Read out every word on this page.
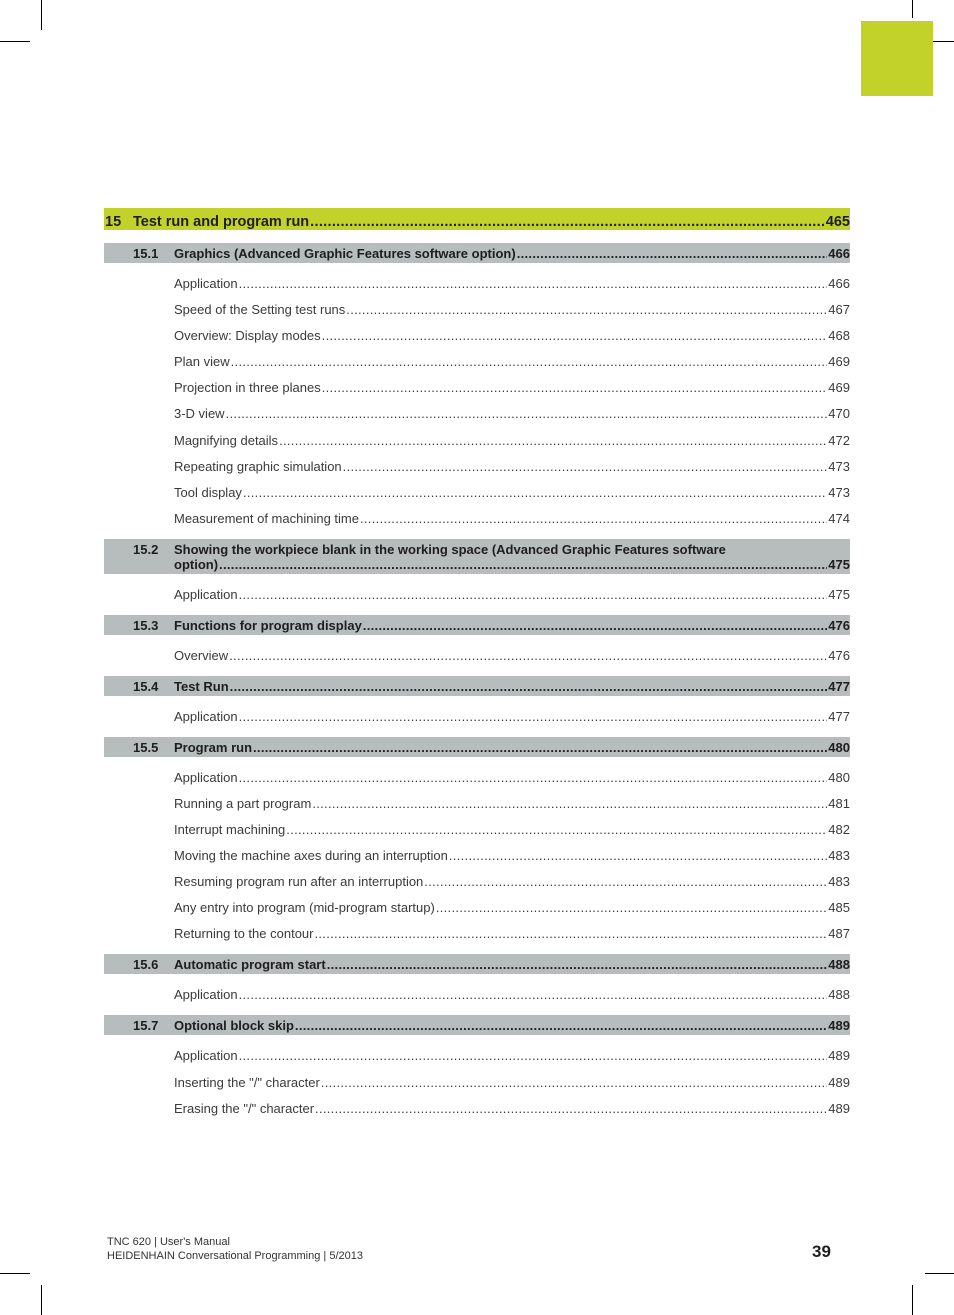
15 Test run and program run .....	465
15.1 Graphics (Advanced Graphic Features software option) .....	466
Application .....	466
Speed of the Setting test runs .....	467
Overview: Display modes .....	468
Plan view .....	469
Projection in three planes .....	469
3-D view .....	470
Magnifying details .....	472
Repeating graphic simulation .....	473
Tool display .....	473
Measurement of machining time .....	474
15.2 Showing the workpiece blank in the working space (Advanced Graphic Features software
option) .....	475
Application .....	475
15.3 Functions for program display .....	476
Overview .....	476
15.4 Test Run .....	477
Application .....	477
15.5 Program run .....	480
Application .....	480
Running a part program .....	481
Interrupt machining .....	482
Moving the machine axes during an interruption .....	483
Resuming program run after an interruption .....	483
Any entry into program (mid-program startup) .....	485
Returning to the contour .....	487
15.6 Automatic program start .....	488
Application .....	488
15.7 Optional block skip .....	489
Application .....	489
Inserting the "/" character .....	489
Erasing the "/" character .....	489
TNC 620 | User's Manual
HEIDENHAIN Conversational Programming | 5/2013	39
